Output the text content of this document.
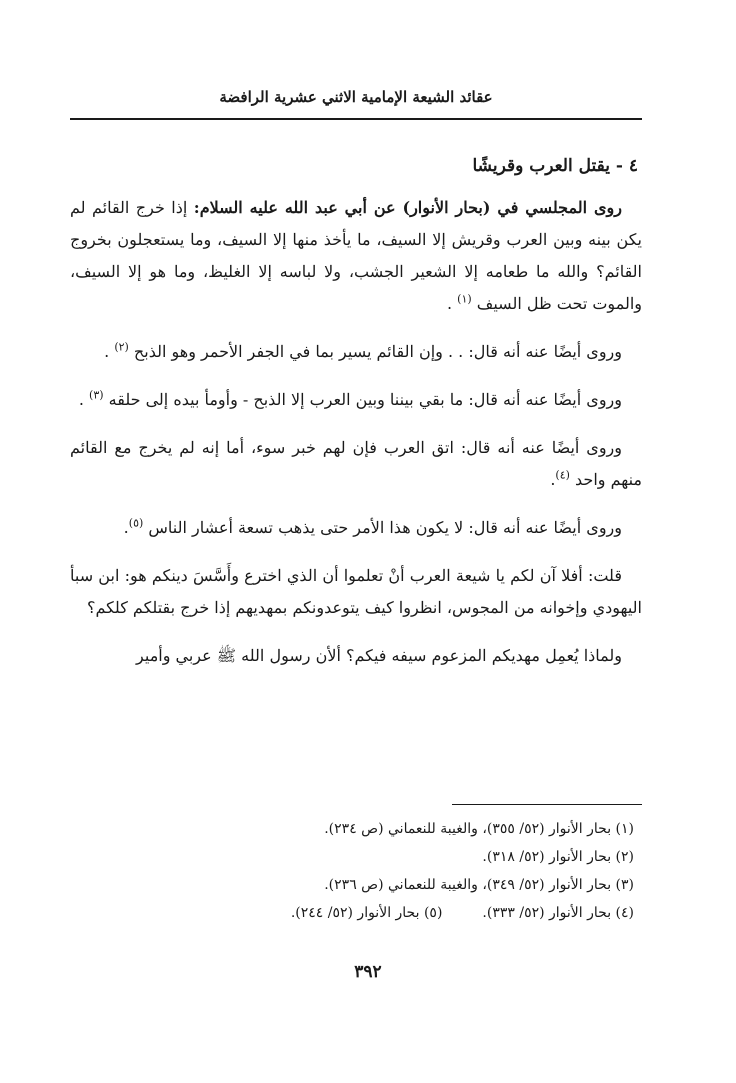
عقائد الشيعة الإمامية الاثني عشرية الرافضة
٤ - يقتل العرب وقريشًا

روى المجلسي في (بحار الأنوار) عن أبي عبد الله عليه السلام: إذا خرج القائم لم يكن بينه وبين العرب وقريش إلا السيف، ما يأخذ منها إلا السيف، وما يستعجلون بخروج القائم؟ والله ما طعامه إلا الشعير الجشب، ولا لباسه إلا الغليظ، وما هو إلا السيف، والموت تحت ظل السيف $^{(١)}$ .

وروى أيضًا عنه أنه قال: . . وإن القائم يسير بما في الجفر الأحمر وهو الذبح $^{(٢)}$ .

وروى أيضًا عنه أنه قال: ما بقي بيننا وبين العرب إلا الذبح - وأومأ بيده إلى حلقه $^{(٣)}$ .

وروى أيضًا عنه أنه قال: اتق العرب فإن لهم خبر سوء، أما إنه لم يخرج مع القائم منهم واحد $^{(٤)}$.

وروى أيضًا عنه أنه قال: لا يكون هذا الأمر حتى يذهب تسعة أعشار الناس $^{(٥)}$.

قلت: أفلا آن لكم يا شيعة العرب أنْ تعلموا أن الذي اخترع وأَسَّسَ دينكم هو: ابن سبأ اليهودي وإخوانه من المجوس، انظروا كيف يتوعدونكم بمهديهم إذا خرج بقتلكم كلكم؟

ولماذا يُعمِل مهديكم المزعوم سيفه فيكم؟ ألأن رسول الله ﷺ عربي وأمير

(١) بحار الأنوار (٥٢/ ٣٥٥)، والغيبة للنعماني (ص ٢٣٤).
(٢) بحار الأنوار (٥٢/ ٣١٨).
(٣) بحار الأنوار (٥٢/ ٣٤٩)، والغيبة للنعماني (ص ٢٣٦).
(٤) بحار الأنوار (٥٢/ ٣٣٣).
(٥) بحار الأنوار (٥٢/ ٢٤٤).
٣٩٢
